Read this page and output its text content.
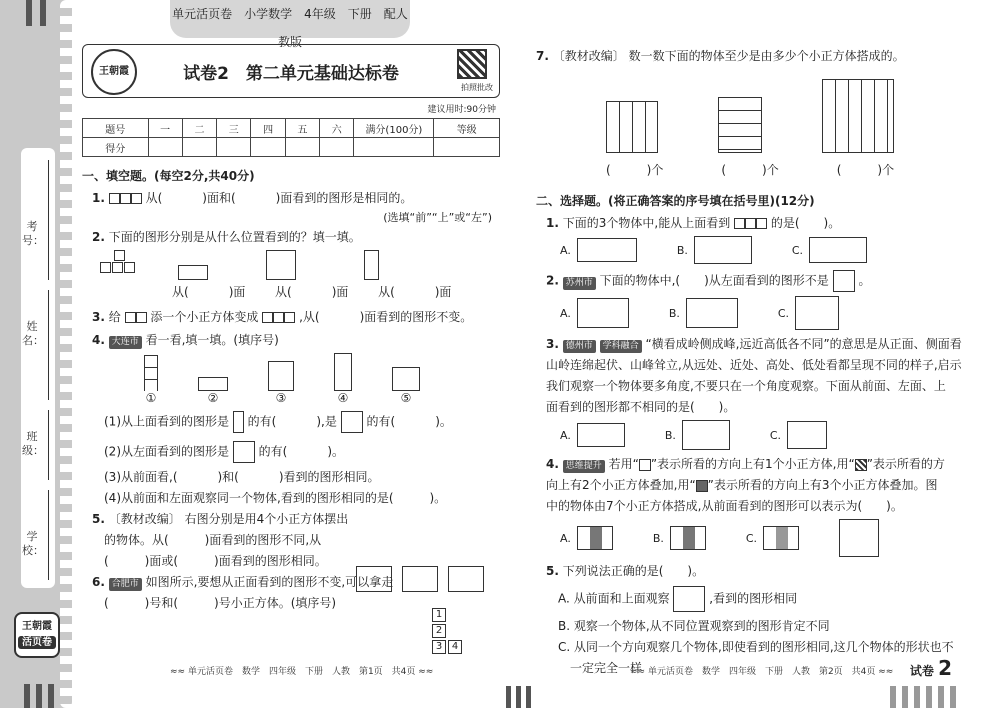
考号：
姓名：
班级：
学校：
王朝霞
活页卷
单元活页卷　小学数学　4年级　下册　配人教版
王朝霞	试卷2　第二单元基础达标卷
拍照批改
建议用时:90分钟
题号	一	二	三	四	五	六	满分(100分)	等级
得分								
一、填空题。(每空2分,共40分)
1.	从(	)面和(	)面看到的图形是相同的。
(选填“前”“上”或“左”)
2. 下面的图形分别是从什么位置看到的？填一填。
从(	)面 从(	)面 从(	)面
3. 给 添一个小正方体变成	,从(	)面看到的图形不变。
4. 大连市 看一看,填一填。(填序号)
①	②	③	④	⑤
(1)从上面看到的图形是 的有(	),是 的有(	)。
(2)从左面看到的图形是 的有(	)。
(3)从前面看,(	)和(	)看到的图形相同。
(4)从前面和左面观察同一个物体,看到的图形相同的是(　　　)。
5. 〔教材改编〕 右图分别是用4个小正方体摆出
的物体。从(　　　)面看到的图形不同,从
(　　　)面或(　　　)面看到的图形相同。
6. 合肥市 如图所示,要想从正面看到的图形不变,可以拿走
(　　　)号和(　　　)号小正方体。(填序号)
1
2
3 4
7. 〔教材改编〕 数一数下面的物体至少是由多少个小正方体搭成的。
(　　　)个	(　　　)个	(　　　)个
二、选择题。(将正确答案的序号填在括号里)(12分)
1. 下面的3个物体中,能从上面看到	的是(　　)。
A.	B.	C.
2. 苏州市 下面的物体中,(　　)从左面看到的图形不是 。
A.	B.	C.
3. 德州市 学科融合 “横看成岭侧成峰,远近高低各不同”的意思是从正面、侧面看
山岭连绵起伏、山峰耸立,从远处、近处、高处、低处看都呈现不同的样子,启示
我们观察一个物体要多角度,不要只在一个角度观察。下面从前面、左面、上
面看到的图形都不相同的是(　　)。
A.	B.	C.
4. 思维提升 若用“ ”表示所看的方向上有1个小正方体,用“ ”表示所看的方
向上有2个小正方体叠加,用“ ”表示所看的方向上有3个小正方体叠加。图
中的物体由7个小正方体搭成,从前面看到的图形可以表示为(　　)。
A.	B.	C.
5. 下列说法正确的是(　　)。
A. 从前面和上面观察	,看到的图形相同
B. 观察一个物体,从不同位置观察到的图形肯定不同
C. 从同一个方向观察几个物体,即使看到的图形相同,这几个物体的形状也不
一定完全一样
≈≈ 单元活页卷　数学　四年级　下册　人教　第1页　共4页 ≈≈	≈≈ 单元活页卷　数学　四年级　下册　人教　第2页　共4页 ≈≈ 试卷 2
